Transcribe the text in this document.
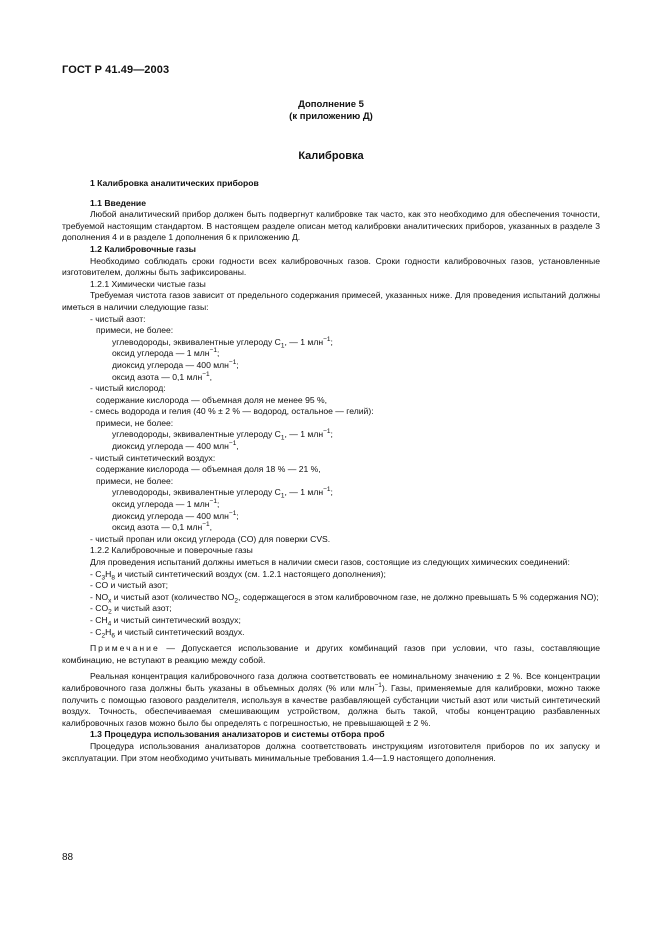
ГОСТ Р 41.49—2003
Дополнение 5
(к приложению Д)
Калибровка

1 Калибровка аналитических приборов

1.1 Введение

Любой аналитический прибор должен быть подвергнут калибровке так часто, как это необходимо для обеспечения точности, требуемой настоящим стандартом. В настоящем разделе описан метод калибровки аналитических приборов, указанных в разделе 3 дополнения 4 и в разделе 1 дополнения 6 к приложению Д.

1.2 Калибровочные газы

Необходимо соблюдать сроки годности всех калибровочных газов. Сроки годности калибровочных газов, установленные изготовителем, должны быть зафиксированы.

1.2.1 Химически чистые газы

Требуемая чистота газов зависит от предельного содержания примесей, указанных ниже. Для проведения испытаний должны иметься в наличии следующие газы:

- чистый азот:

примеси, не более:

углеводороды, эквивалентные углероду $C_1$, — 1 млн$^{-1}$;

оксид углерода — 1 млн$^{-1}$;

диоксид углерода — 400 млн$^{-1}$;

оксид азота — 0,1 млн$^{-1}$,

- чистый кислород:

содержание кислорода — объемная доля не менее 95 %,

- смесь водорода и гелия (40 % ± 2 % — водород, остальное — гелий):

примеси, не более:

углеводороды, эквивалентные углероду $C_1$, — 1 млн$^{-1}$;

диоксид углерода — 400 млн$^{-1}$,

- чистый синтетический воздух:

содержание кислорода — объемная доля 18 % — 21 %,

примеси, не более:

углеводороды, эквивалентные углероду $C_1$, — 1 млн$^{-1}$;

оксид углерода — 1 млн$^{-1}$;

диоксид углерода — 400 млн$^{-1}$;

оксид азота — 0,1 млн$^{-1}$,

- чистый пропан или оксид углерода (CO) для поверки CVS.

1.2.2 Калибровочные и поверочные газы

Для проведения испытаний должны иметься в наличии смеси газов, состоящие из следующих химических соединений:

- $C_3H_8$ и чистый синтетический воздух (см. 1.2.1 настоящего дополнения);

- CO и чистый азот;

- $NO_x$ и чистый азот (количество $NO_2$, содержащегося в этом калибровочном газе, не должно превышать 5 % содержания NO);

- $CO_2$ и чистый азот;

- $CH_4$ и чистый синтетический воздух;

- $C_2H_6$ и чистый синтетический воздух.

Примечание — Допускается использование и других комбинаций газов при условии, что газы, составляющие комбинацию, не вступают в реакцию между собой.

Реальная концентрация калибровочного газа должна соответствовать ее номинальному значению ± 2 %. Все концентрации калибровочного газа должны быть указаны в объемных долях (% или млн$^{-1}$). Газы, применяемые для калибровки, можно также получить с помощью газового разделителя, используя в качестве разбавляющей субстанции чистый азот или чистый синтетический воздух. Точность, обеспечиваемая смешивающим устройством, должна быть такой, чтобы концентрацию разбавленных калибровочных газов можно было бы определять с погрешностью, не превышающей ± 2 %.

1.3 Процедура использования анализаторов и системы отбора проб

Процедура использования анализаторов должна соответствовать инструкциям изготовителя приборов по их запуску и эксплуатации. При этом необходимо учитывать минимальные требования 1.4—1.9 настоящего дополнения.

88
